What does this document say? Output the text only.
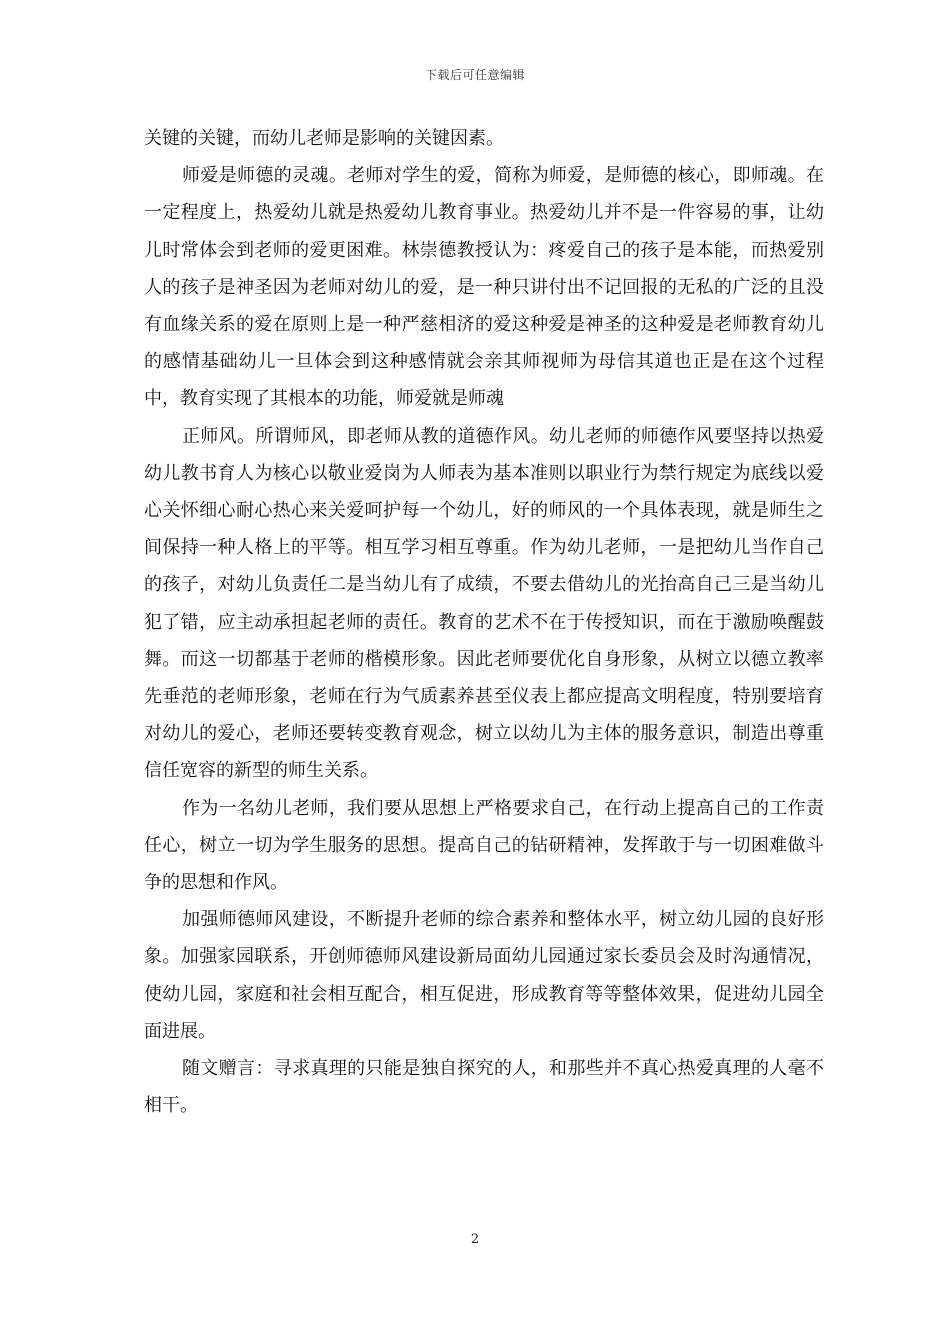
下载后可任意编辑

关键的关键，而幼儿老师是影响的关键因素。

师爱是师德的灵魂。老师对学生的爱，简称为师爱，是师德的核心，即师魂。在一定程度上，热爱幼儿就是热爱幼儿教育事业。热爱幼儿并不是一件容易的事，让幼儿时常体会到老师的爱更困难。林崇德教授认为：疼爱自己的孩子是本能，而热爱别人的孩子是神圣因为老师对幼儿的爱，是一种只讲付出不记回报的无私的广泛的且没有血缘关系的爱在原则上是一种严慈相济的爱这种爱是神圣的这种爱是老师教育幼儿的感情基础幼儿一旦体会到这种感情就会亲其师视师为母信其道也正是在这个过程中，教育实现了其根本的功能，师爱就是师魂

正师风。所谓师风，即老师从教的道德作风。幼儿老师的师德作风要坚持以热爱幼儿教书育人为核心以敬业爱岗为人师表为基本准则以职业行为禁行规定为底线以爱心关怀细心耐心热心来关爱呵护每一个幼儿，好的师风的一个具体表现，就是师生之间保持一种人格上的平等。相互学习相互尊重。作为幼儿老师，一是把幼儿当作自己的孩子，对幼儿负责任二是当幼儿有了成绩，不要去借幼儿的光抬高自己三是当幼儿犯了错，应主动承担起老师的责任。教育的艺术不在于传授知识，而在于激励唤醒鼓舞。而这一切都基于老师的楷模形象。因此老师要优化自身形象，从树立以德立教率先垂范的老师形象，老师在行为气质素养甚至仪表上都应提高文明程度，特别要培育对幼儿的爱心，老师还要转变教育观念，树立以幼儿为主体的服务意识，制造出尊重信任宽容的新型的师生关系。

作为一名幼儿老师，我们要从思想上严格要求自己，在行动上提高自己的工作责任心，树立一切为学生服务的思想。提高自己的钻研精神，发挥敢于与一切困难做斗争的思想和作风。

加强师德师风建设，不断提升老师的综合素养和整体水平，树立幼儿园的良好形象。加强家园联系，开创师德师风建设新局面幼儿园通过家长委员会及时沟通情况，使幼儿园，家庭和社会相互配合，相互促进，形成教育等等整体效果，促进幼儿园全面进展。

随文赠言：寻求真理的只能是独自探究的人，和那些并不真心热爱真理的人毫不相干。

2
